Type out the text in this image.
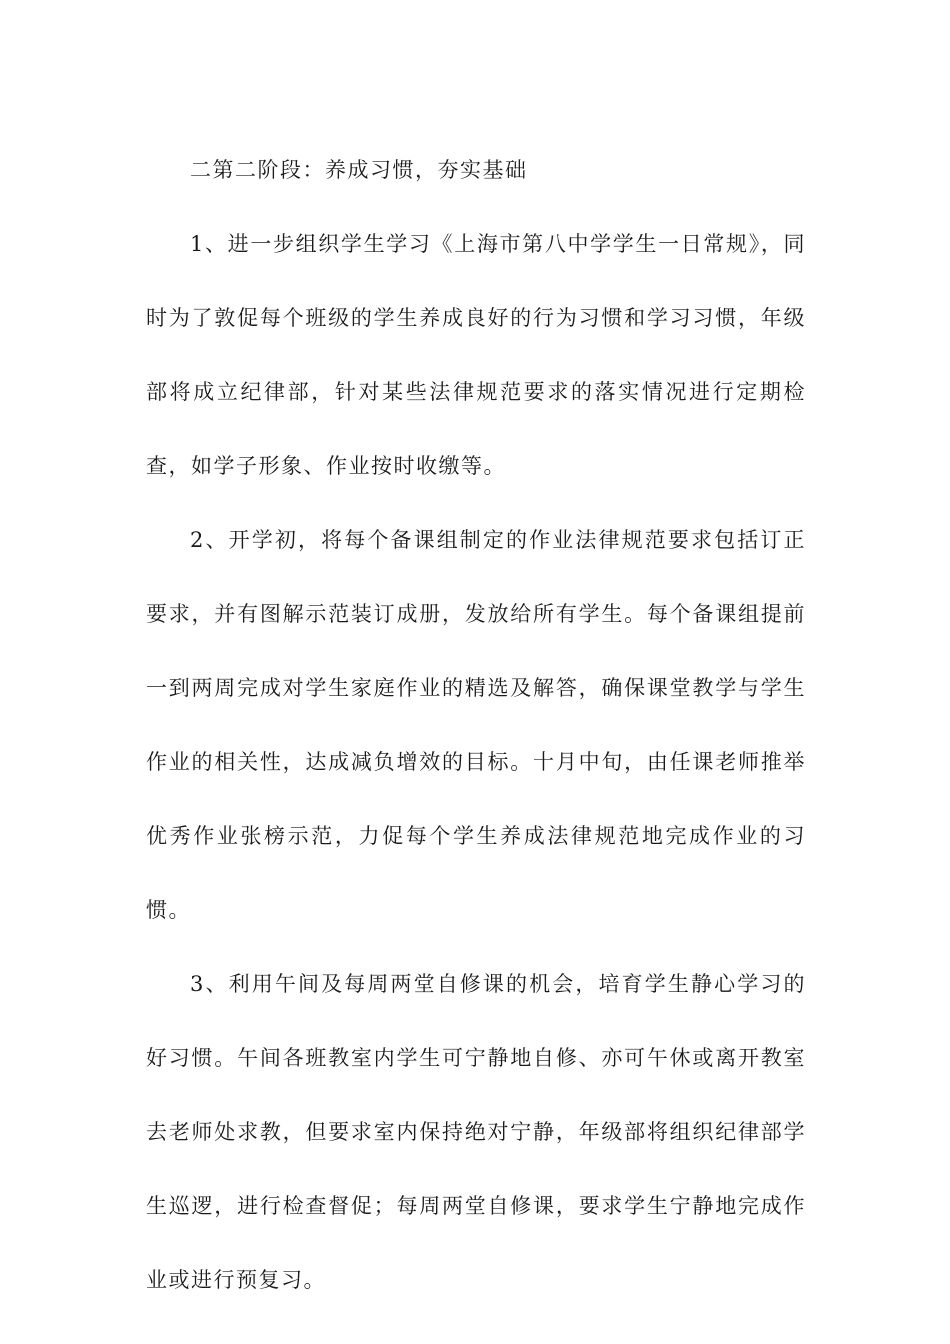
二第二阶段：养成习惯，夯实基础

1、进一步组织学生学习《上海市第八中学学生一日常规》，同时为了敦促每个班级的学生养成良好的行为习惯和学习习惯，年级部将成立纪律部，针对某些法律规范要求的落实情况进行定期检查，如学子形象、作业按时收缴等。

2、开学初，将每个备课组制定的作业法律规范要求包括订正要求，并有图解示范装订成册，发放给所有学生。每个备课组提前一到两周完成对学生家庭作业的精选及解答，确保课堂教学与学生作业的相关性，达成减负增效的目标。十月中旬，由任课老师推举优秀作业张榜示范，力促每个学生养成法律规范地完成作业的习惯。

3、利用午间及每周两堂自修课的机会，培育学生静心学习的好习惯。午间各班教室内学生可宁静地自修、亦可午休或离开教室去老师处求教，但要求室内保持绝对宁静，年级部将组织纪律部学生巡逻，进行检查督促；每周两堂自修课，要求学生宁静地完成作业或进行预复习。
